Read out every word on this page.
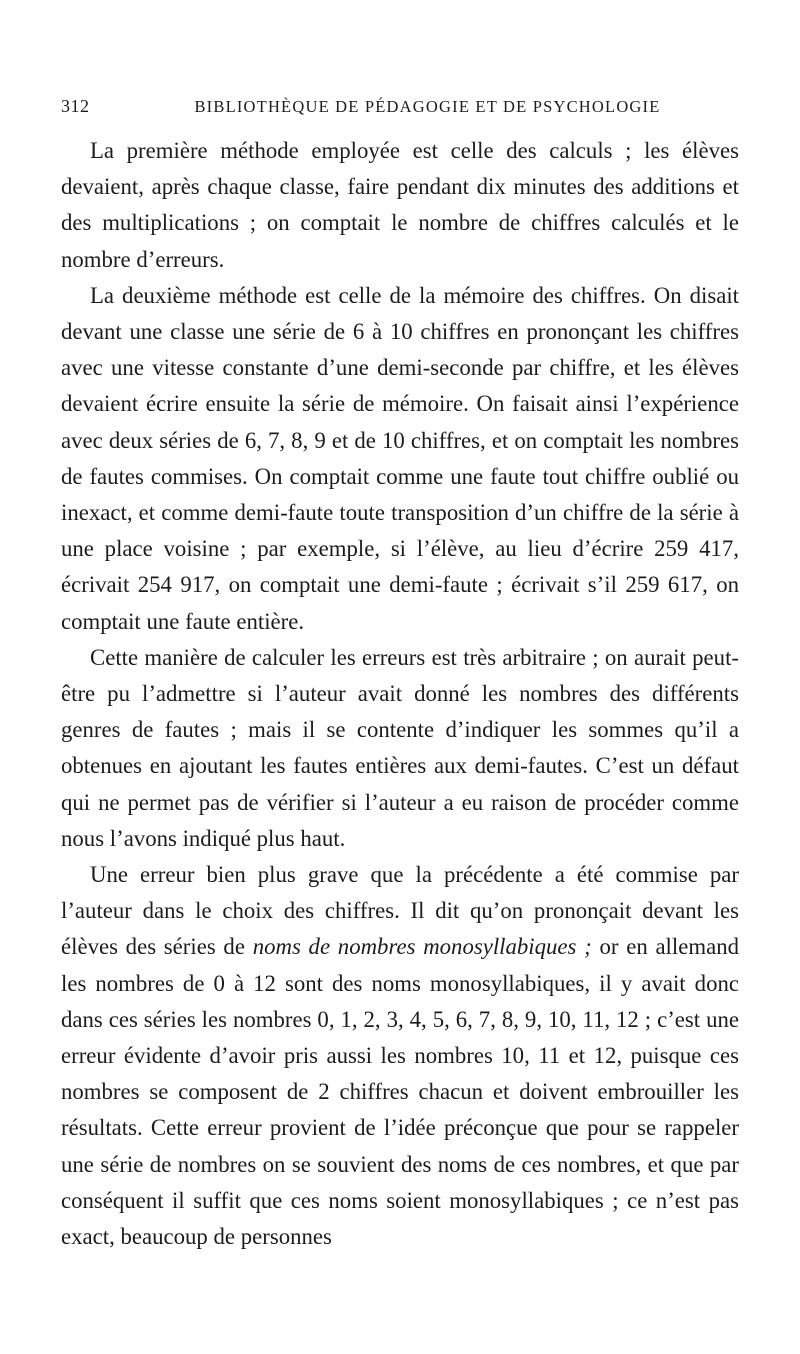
312	BIBLIOTHÈQUE DE PÉDAGOGIE ET DE PSYCHOLOGIE

La première méthode employée est celle des calculs ; les élèves devaient, après chaque classe, faire pendant dix minutes des additions et des multiplications ; on comptait le nombre de chiffres calculés et le nombre d’erreurs.

La deuxième méthode est celle de la mémoire des chiffres. On disait devant une classe une série de 6 à 10 chiffres en prononçant les chiffres avec une vitesse constante d’une demi-seconde par chiffre, et les élèves devaient écrire ensuite la série de mémoire. On faisait ainsi l’expérience avec deux séries de 6, 7, 8, 9 et de 10 chiffres, et on comptait les nombres de fautes commises. On comptait comme une faute tout chiffre oublié ou inexact, et comme demi-faute toute transposition d’un chiffre de la série à une place voisine ; par exemple, si l’élève, au lieu d’écrire 259 417, écrivait 254 917, on comptait une demi-faute ; écrivait s’il 259 617, on comptait une faute entière.

Cette manière de calculer les erreurs est très arbitraire ; on aurait peut-être pu l’admettre si l’auteur avait donné les nombres des différents genres de fautes ; mais il se contente d’indiquer les sommes qu’il a obtenues en ajoutant les fautes entières aux demi-fautes. C’est un défaut qui ne permet pas de vérifier si l’auteur a eu raison de procéder comme nous l’avons indiqué plus haut.

Une erreur bien plus grave que la précédente a été commise par l’auteur dans le choix des chiffres. Il dit qu’on prononçait devant les élèves des séries de noms de nombres monosyllabiques ; or en allemand les nombres de 0 à 12 sont des noms monosyllabiques, il y avait donc dans ces séries les nombres 0, 1, 2, 3, 4, 5, 6, 7, 8, 9, 10, 11, 12 ; c’est une erreur évidente d’avoir pris aussi les nombres 10, 11 et 12, puisque ces nombres se composent de 2 chiffres chacun et doivent embrouiller les résultats. Cette erreur provient de l’idée préconçue que pour se rappeler une série de nombres on se souvient des noms de ces nombres, et que par conséquent il suffit que ces noms soient monosyllabiques ; ce n’est pas exact, beaucoup de personnes
